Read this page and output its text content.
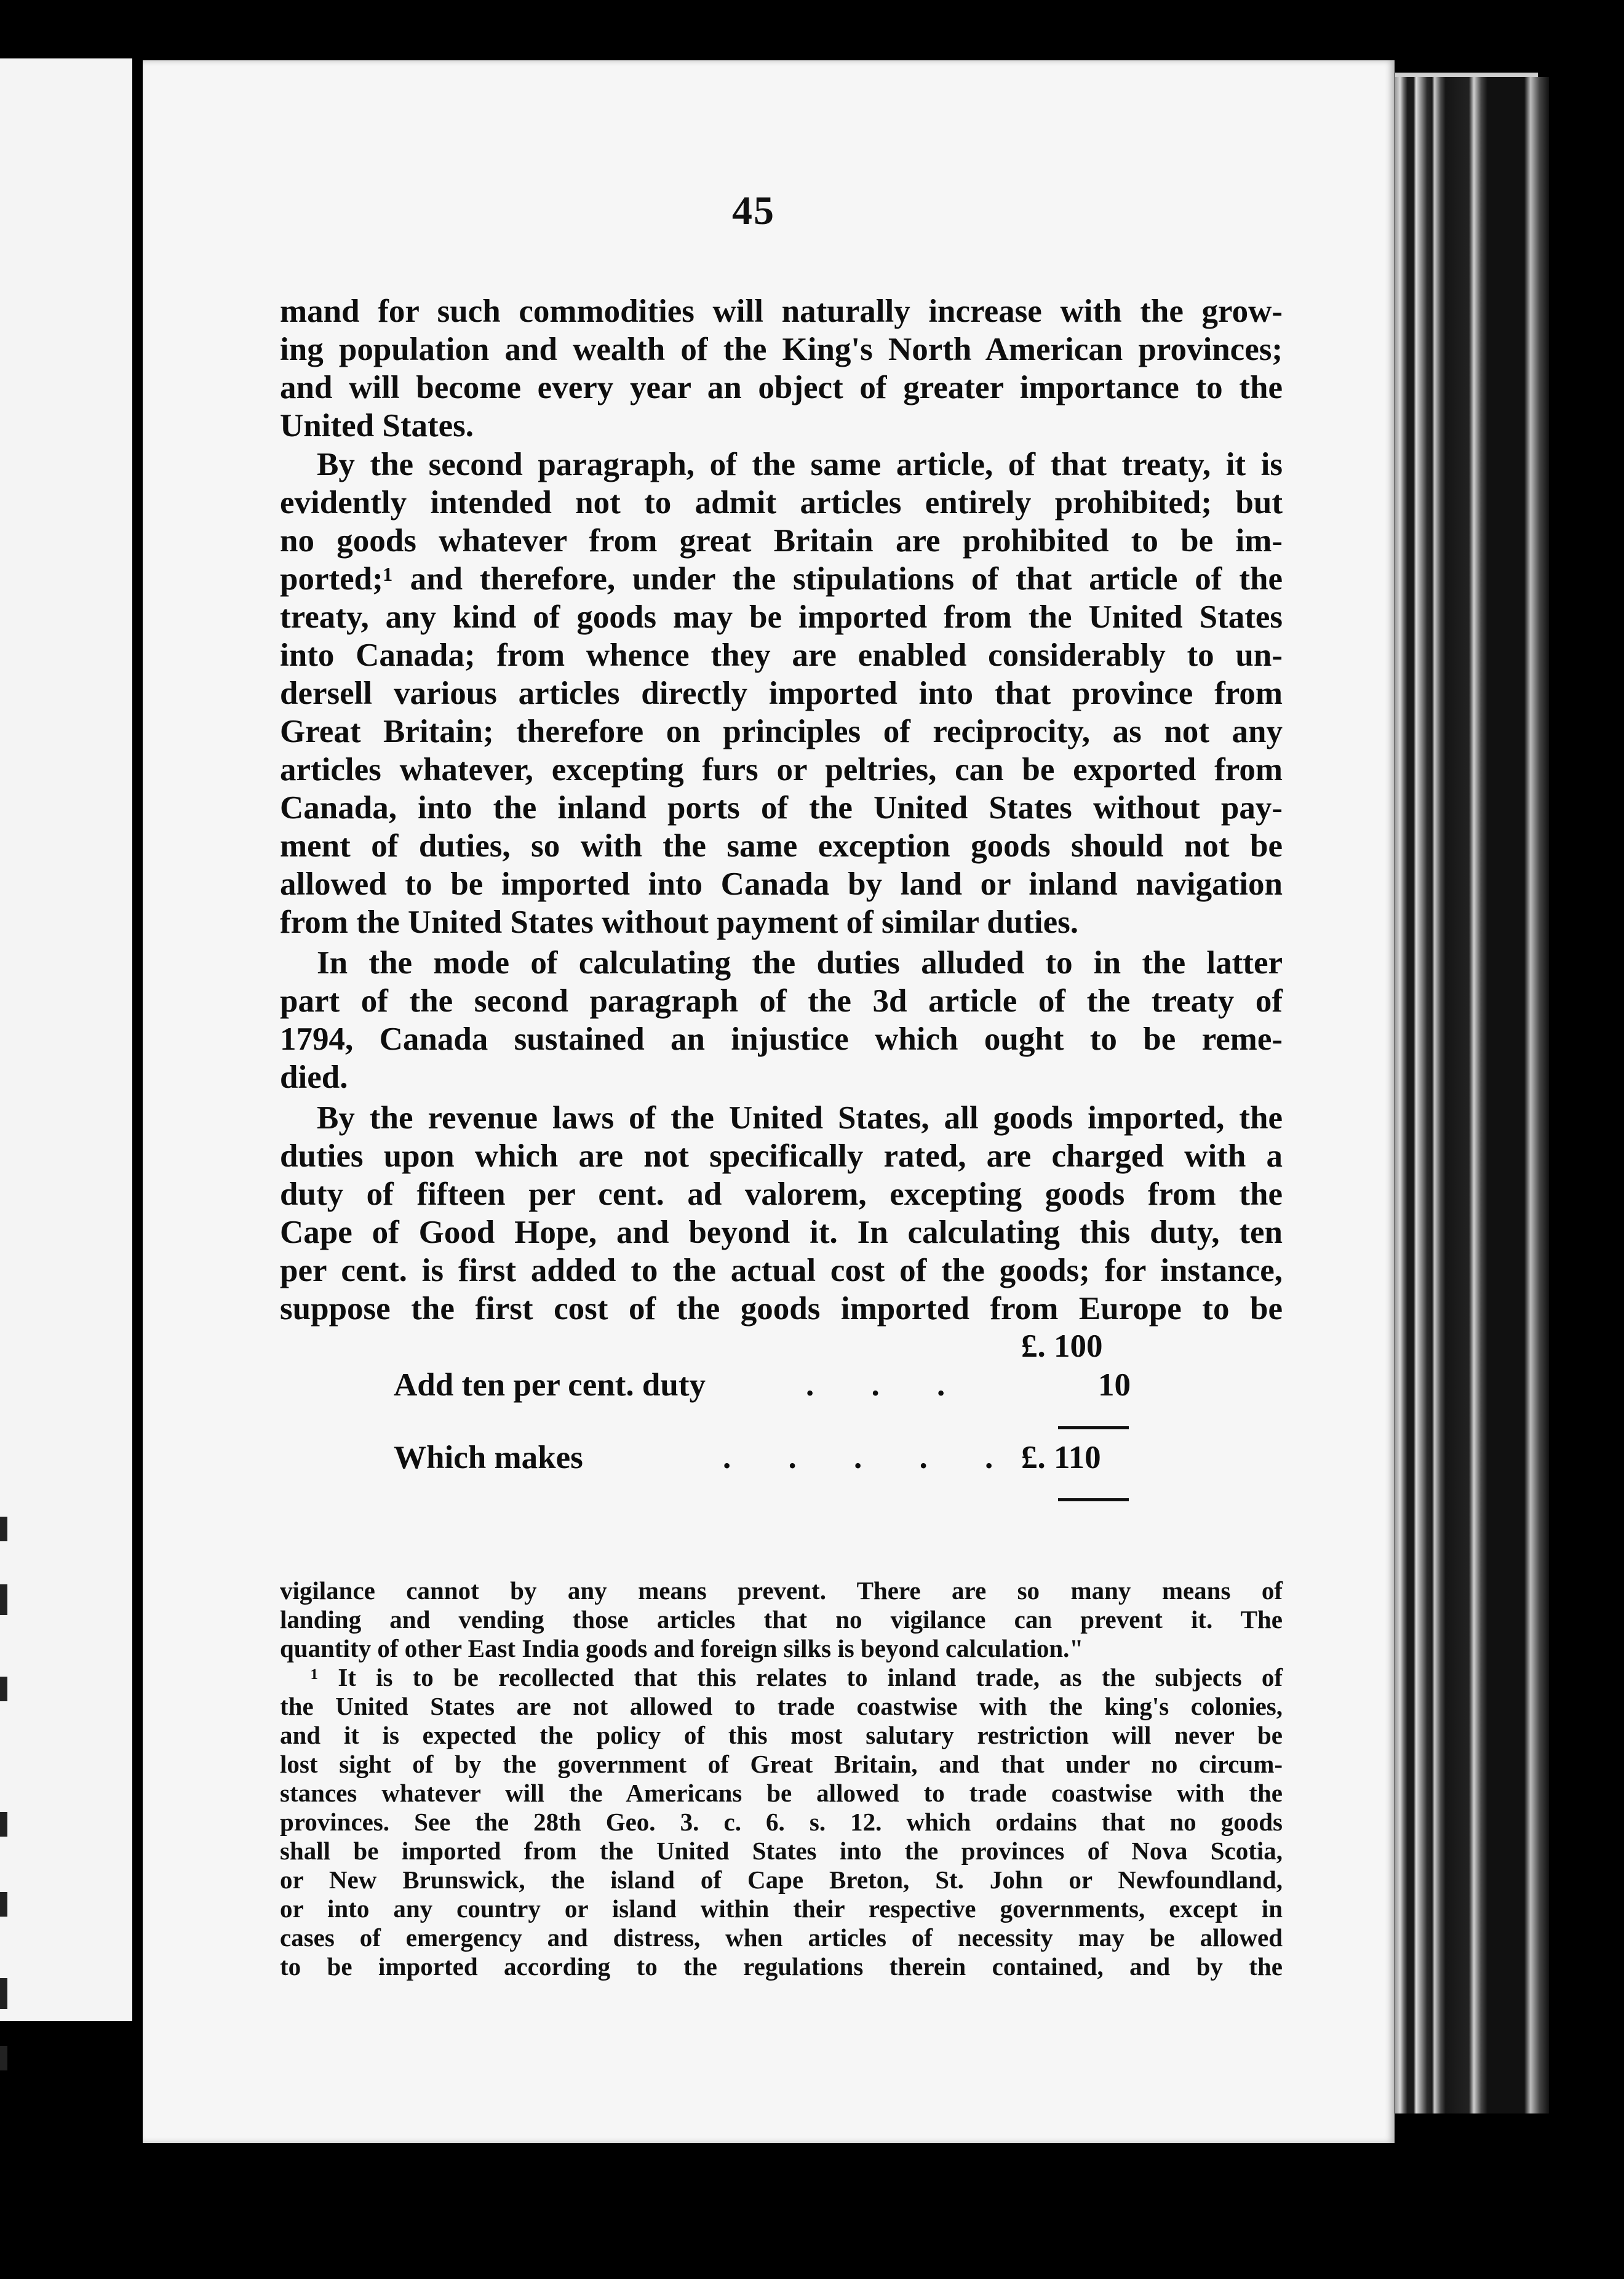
45
mand for such commodities will naturally increase with the grow-
ing population and wealth of the King's North American provinces;
and will become every year an object of greater importance to the
United States.
By the second paragraph, of the same article, of that treaty, it is
evidently intended not to admit articles entirely prohibited; but
no goods whatever from great Britain are prohibited to be im-
ported;¹ and therefore, under the stipulations of that article of the
treaty, any kind of goods may be imported from the United States
into Canada; from whence they are enabled considerably to un-
dersell various articles directly imported into that province from
Great Britain; therefore on principles of reciprocity, as not any
articles whatever, excepting furs or peltries, can be exported from
Canada, into the inland ports of the United States without pay-
ment of duties, so with the same exception goods should not be
allowed to be imported into Canada by land or inland navigation
from the United States without payment of similar duties.
In the mode of calculating the duties alluded to in the latter
part of the second paragraph of the 3d article of the treaty of
1794, Canada sustained an injustice which ought to be reme-
died.
By the revenue laws of the United States, all goods imported, the
duties upon which are not specifically rated, are charged with a
duty of fifteen per cent. ad valorem, excepting goods from the
Cape of Good Hope, and beyond it. In calculating this duty, ten
per cent. is first added to the actual cost of the goods; for instance,
suppose the first cost of the goods imported from Europe to be
£. 100
Add ten per cent. duty	. . .	10
Which makes	. . . . . £. 110
vigilance cannot by any means prevent. There are so many means of
landing and vending those articles that no vigilance can prevent it. The
quantity of other East India goods and foreign silks is beyond calculation."
¹ It is to be recollected that this relates to inland trade, as the subjects of
the United States are not allowed to trade coastwise with the king's colonies,
and it is expected the policy of this most salutary restriction will never be
lost sight of by the government of Great Britain, and that under no circum-
stances whatever will the Americans be allowed to trade coastwise with the
provinces. See the 28th Geo. 3. c. 6. s. 12. which ordains that no goods
shall be imported from the United States into the provinces of Nova Scotia,
or New Brunswick, the island of Cape Breton, St. John or Newfoundland,
or into any country or island within their respective governments, except in
cases of emergency and distress, when articles of necessity may be allowed
to be imported according to the regulations therein contained, and by the
